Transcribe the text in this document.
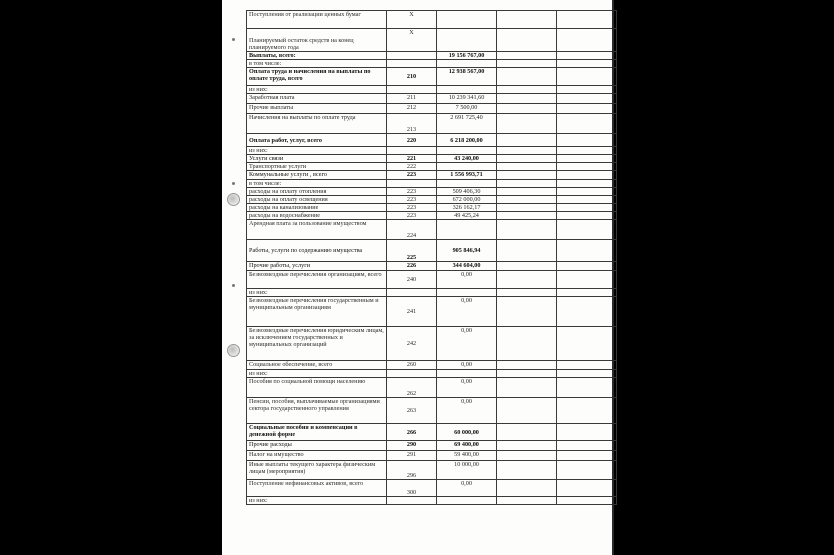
Поступления от реализации ценных бумаг	X			
Планируемый остаток средств на конец планируемого года	X			
Выплаты, всего:		19 156 767,00		
в том числе:				
Оплата труда и начисления на выплаты по оплате труда, всего	210	12 938 567,00		
из них:				
Заработная плата	211	10 239 341,60		
Прочие выплаты	212	7 500,00		
Начисления на выплаты по оплате труда	213	2 691 725,40		
Оплата работ, услуг, всего	220	6 218 200,00		
из них:				
Услуги связи	221	43 240,00		
Транспортные услуги	222			
Коммунальные услуги , всего	223	1 556 993,71		
в том числе:				
расходы на оплату отопления	223	509 406,30		
расходы на оплату освещения	223	672 000,00		
расходы на канализование	223	326 162,17		
расходы на водоснабжение	223	49 425,24		
Арендная плата за пользование имуществом	224			
Работы, услуги по содержанию имущества	225	905 846,94		
Прочие работы, услуги	226	344 604,00		
Безвозмездные перечисления организациям, всего	240	0,00		
из них:				
Безвозмездные перечисления государственным и муниципальным организациям	241	0,00		
Безвозмездные перечисления юридическим лицам, за исключением государственных и муниципальных организаций	242	0,00		
Социальное обеспечение, всего	260	0,00		
из них:				
Пособия по социальной помощи населению	262	0,00		
Пенсии, пособия, выплачиваемые организациями сектора государственного управления	263	0,00		
Социальные пособия и компенсации в денежной форме	266	60 000,00		
Прочие расходы	290	69 400,00		
Налог на имущество	291	59 400,00		
Иные выплаты текущего характера физическим лицам (мероприятия)	296	10 000,00		
Поступление нефинансовых активов, всего	300	0,00		
из них:				
